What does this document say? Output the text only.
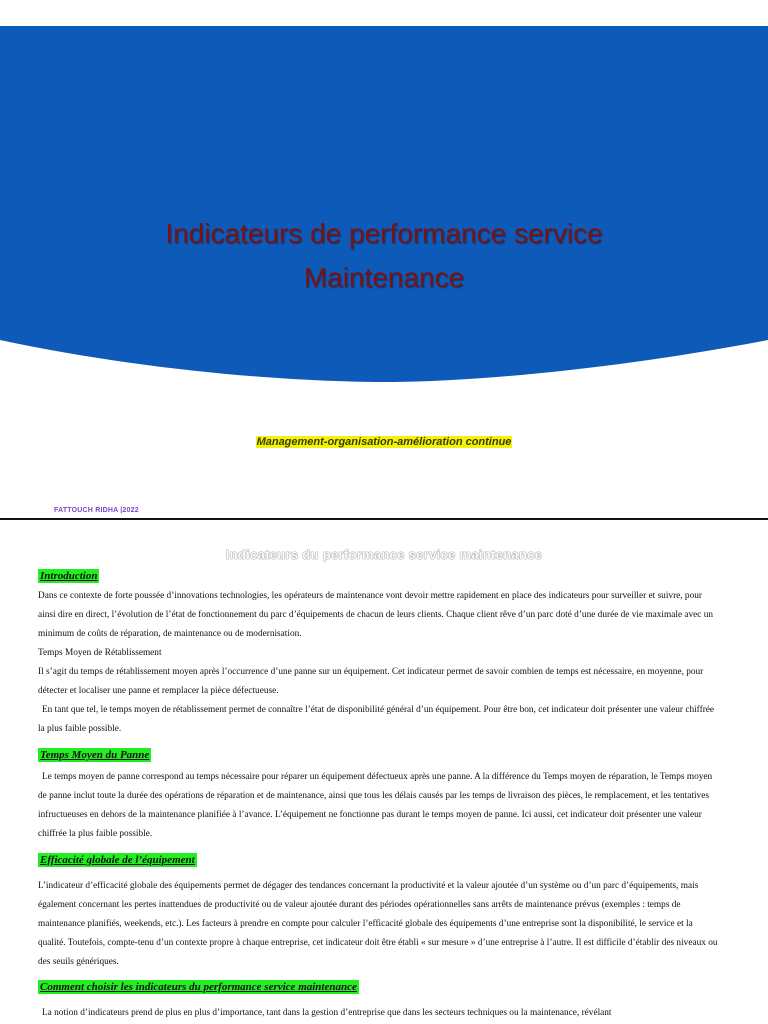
Indicateurs de performance service
Maintenance
Management-organisation-amélioration continue
FATTOUCH RIDHA |2022
Indicateurs du performance service maintenance
Introduction

Dans ce contexte de forte poussée d’innovations technologies, les opérateurs de maintenance vont devoir mettre rapidement en place des indicateurs pour surveiller et suivre, pour ainsi dire en direct, l’évolution de l’état de fonctionnement du parc d’équipements de chacun de leurs clients. Chaque client rêve d’un parc doté d’une durée de vie maximale avec un minimum de coûts de réparation, de maintenance ou de modernisation.

Temps Moyen de Rétablissement

Il s’agit du temps de rétablissement moyen après l’occurrence d’une panne sur un équipement. Cet indicateur permet de savoir combien de temps est nécessaire, en moyenne, pour détecter et localiser une panne et remplacer la pièce défectueuse.

En tant que tel, le temps moyen de rétablissement permet de connaître l’état de disponibilité général d’un équipement. Pour être bon, cet indicateur doit présenter une valeur chiffrée la plus faible possible.

Temps Moyen du Panne

Le temps moyen de panne correspond au temps nécessaire pour réparer un équipement défectueux après une panne. A la différence du Temps moyen de réparation, le Temps moyen de panne inclut toute la durée des opérations de réparation et de maintenance, ainsi que tous les délais causés par les temps de livraison des pièces, le remplacement, et les tentatives infructueuses en dehors de la maintenance planifiée à l’avance. L’équipement ne fonctionne pas durant le temps moyen de panne. Ici aussi, cet indicateur doit présenter une valeur chiffrée la plus faible possible.

Efficacité globale de l’équipement

L’indicateur d’efficacité globale des équipements permet de dégager des tendances concernant la productivité et la valeur ajoutée d’un système ou d’un parc d’équipements, mais également concernant les pertes inattendues de productivité ou de valeur ajoutée durant des périodes opérationnelles sans arrêts de maintenance prévus (exemples : temps de maintenance planifiés, weekends, etc.). Les facteurs à prendre en compte pour calculer l’efficacité globale des équipements d’une entreprise sont la disponibilité, le service et la qualité. Toutefois, compte-tenu d’un contexte propre à chaque entreprise, cet indicateur doit être établi « sur mesure » d’une entreprise à l’autre. Il est difficile d’établir des niveaux ou des seuils génériques.

Comment choisir les indicateurs du performance service maintenance

La notion d’indicateurs prend de plus en plus d’importance, tant dans la gestion d’entreprise que dans les secteurs techniques ou la maintenance, révélant
